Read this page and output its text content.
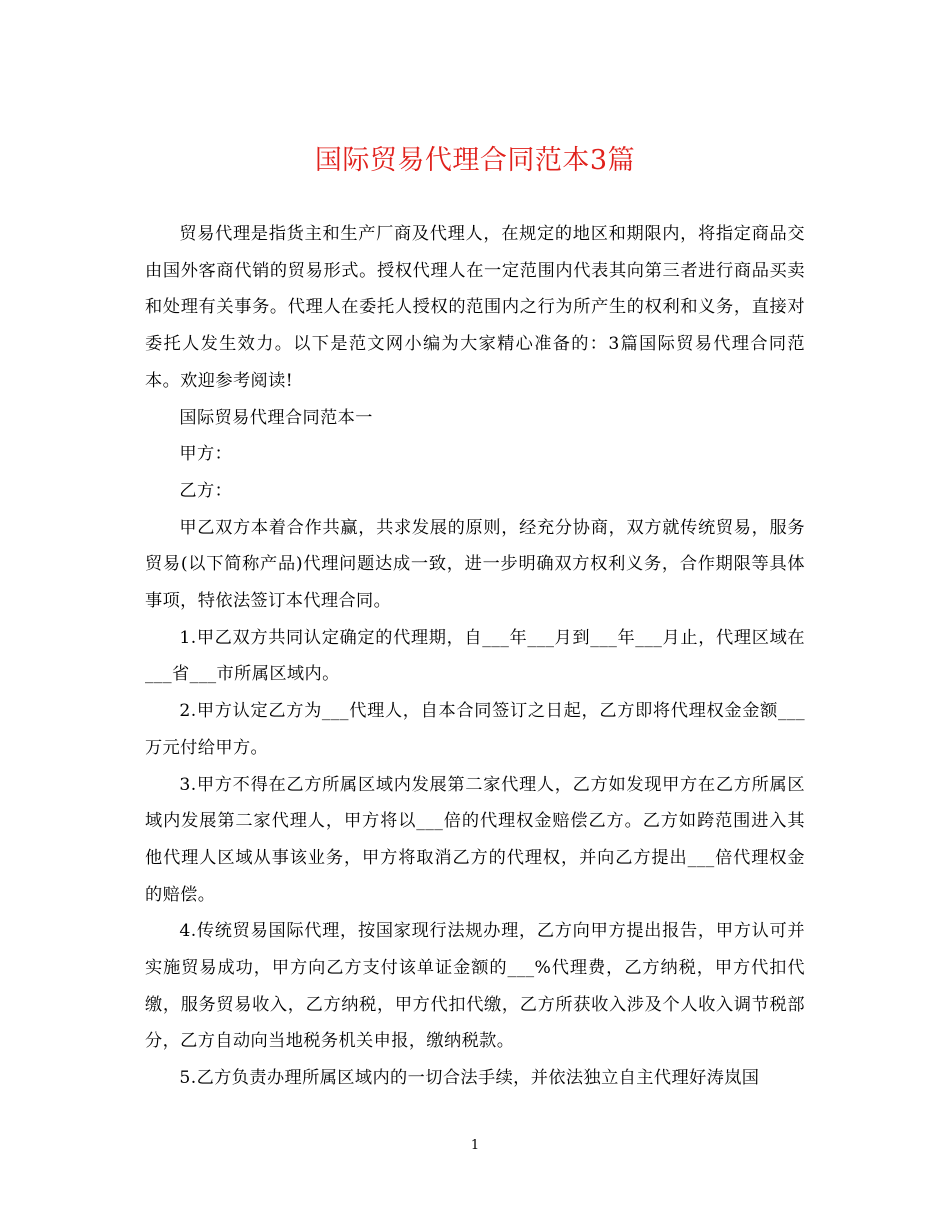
国际贸易代理合同范本3篇

贸易代理是指货主和生产厂商及代理人，在规定的地区和期限内，将指定商品交由国外客商代销的贸易形式。授权代理人在一定范围内代表其向第三者进行商品买卖和处理有关事务。代理人在委托人授权的范围内之行为所产生的权利和义务，直接对委托人发生效力。以下是范文网小编为大家精心准备的：3篇国际贸易代理合同范本。欢迎参考阅读!

国际贸易代理合同范本一

甲方：

乙方：

甲乙双方本着合作共赢，共求发展的原则，经充分协商，双方就传统贸易，服务贸易(以下简称产品)代理问题达成一致，进一步明确双方权利义务，合作期限等具体事项，特依法签订本代理合同。

1.甲乙双方共同认定确定的代理期，自___年___月到___年___月止，代理区域在___省___市所属区域内。

2.甲方认定乙方为___代理人，自本合同签订之日起，乙方即将代理权金金额___万元付给甲方。

3.甲方不得在乙方所属区域内发展第二家代理人，乙方如发现甲方在乙方所属区域内发展第二家代理人，甲方将以___倍的代理权金赔偿乙方。乙方如跨范围进入其他代理人区域从事该业务，甲方将取消乙方的代理权，并向乙方提出___倍代理权金的赔偿。

4.传统贸易国际代理，按国家现行法规办理，乙方向甲方提出报告，甲方认可并实施贸易成功，甲方向乙方支付该单证金额的___%代理费，乙方纳税，甲方代扣代缴，服务贸易收入，乙方纳税，甲方代扣代缴，乙方所获收入涉及个人收入调节税部分，乙方自动向当地税务机关申报，缴纳税款。

5.乙方负责办理所属区域内的一切合法手续，并依法独立自主代理好涛岚国

1
